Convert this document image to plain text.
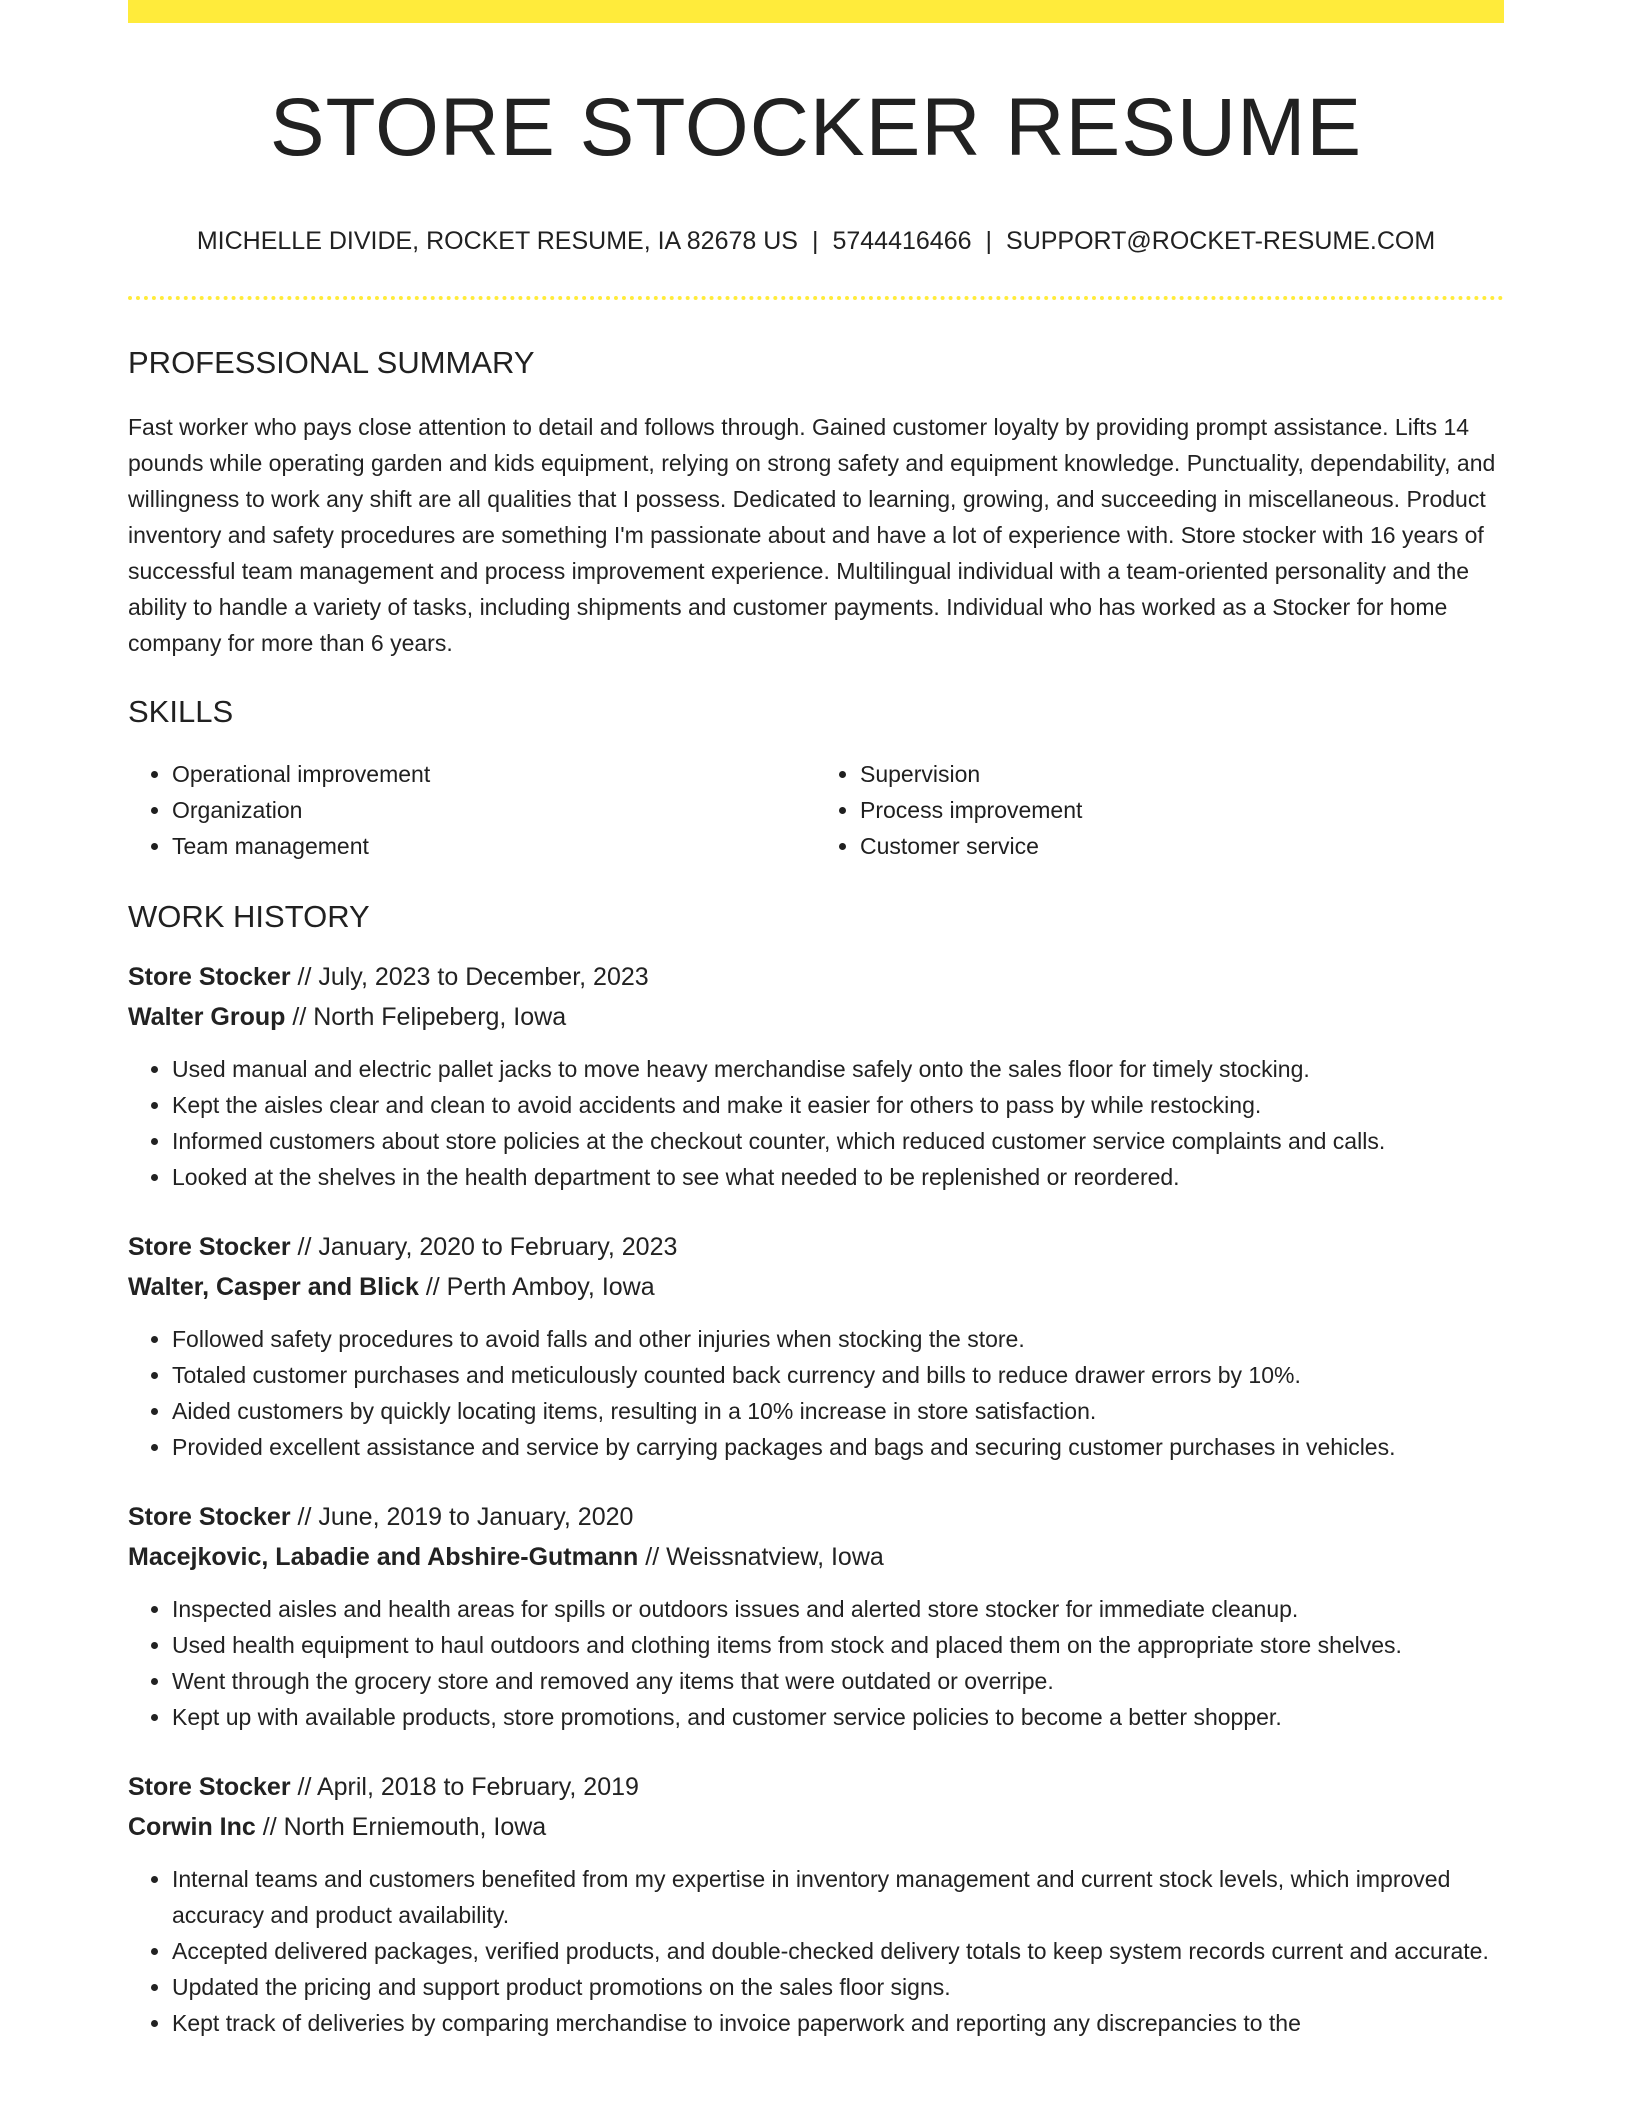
STORE STOCKER RESUME
MICHELLE DIVIDE, ROCKET RESUME, IA 82678 US | 5744416466 | SUPPORT@ROCKET-RESUME.COM
PROFESSIONAL SUMMARY

Fast worker who pays close attention to detail and follows through. Gained customer loyalty by providing prompt assistance. Lifts 14 pounds while operating garden and kids equipment, relying on strong safety and equipment knowledge. Punctuality, dependability, and willingness to work any shift are all qualities that I possess. Dedicated to learning, growing, and succeeding in miscellaneous. Product inventory and safety procedures are something I'm passionate about and have a lot of experience with. Store stocker with 16 years of successful team management and process improvement experience. Multilingual individual with a team-oriented personality and the ability to handle a variety of tasks, including shipments and customer payments. Individual who has worked as a Stocker for home company for more than 6 years.

SKILLS
• Operational improvement
• Organization
• Team management
• Supervision
• Process improvement
• Customer service
WORK HISTORY
Store Stocker // July, 2023 to December, 2023
Walter Group // North Felipeberg, Iowa
• Used manual and electric pallet jacks to move heavy merchandise safely onto the sales floor for timely stocking.
• Kept the aisles clear and clean to avoid accidents and make it easier for others to pass by while restocking.
• Informed customers about store policies at the checkout counter, which reduced customer service complaints and calls.
• Looked at the shelves in the health department to see what needed to be replenished or reordered.
Store Stocker // January, 2020 to February, 2023
Walter, Casper and Blick // Perth Amboy, Iowa
• Followed safety procedures to avoid falls and other injuries when stocking the store.
• Totaled customer purchases and meticulously counted back currency and bills to reduce drawer errors by 10%.
• Aided customers by quickly locating items, resulting in a 10% increase in store satisfaction.
• Provided excellent assistance and service by carrying packages and bags and securing customer purchases in vehicles.
Store Stocker // June, 2019 to January, 2020
Macejkovic, Labadie and Abshire-Gutmann // Weissnatview, Iowa
• Inspected aisles and health areas for spills or outdoors issues and alerted store stocker for immediate cleanup.
• Used health equipment to haul outdoors and clothing items from stock and placed them on the appropriate store shelves.
• Went through the grocery store and removed any items that were outdated or overripe.
• Kept up with available products, store promotions, and customer service policies to become a better shopper.
Store Stocker // April, 2018 to February, 2019
Corwin Inc // North Erniemouth, Iowa
• Internal teams and customers benefited from my expertise in inventory management and current stock levels, which improved accuracy and product availability.
• Accepted delivered packages, verified products, and double-checked delivery totals to keep system records current and accurate.
• Updated the pricing and support product promotions on the sales floor signs.
• Kept track of deliveries by comparing merchandise to invoice paperwork and reporting any discrepancies to the
